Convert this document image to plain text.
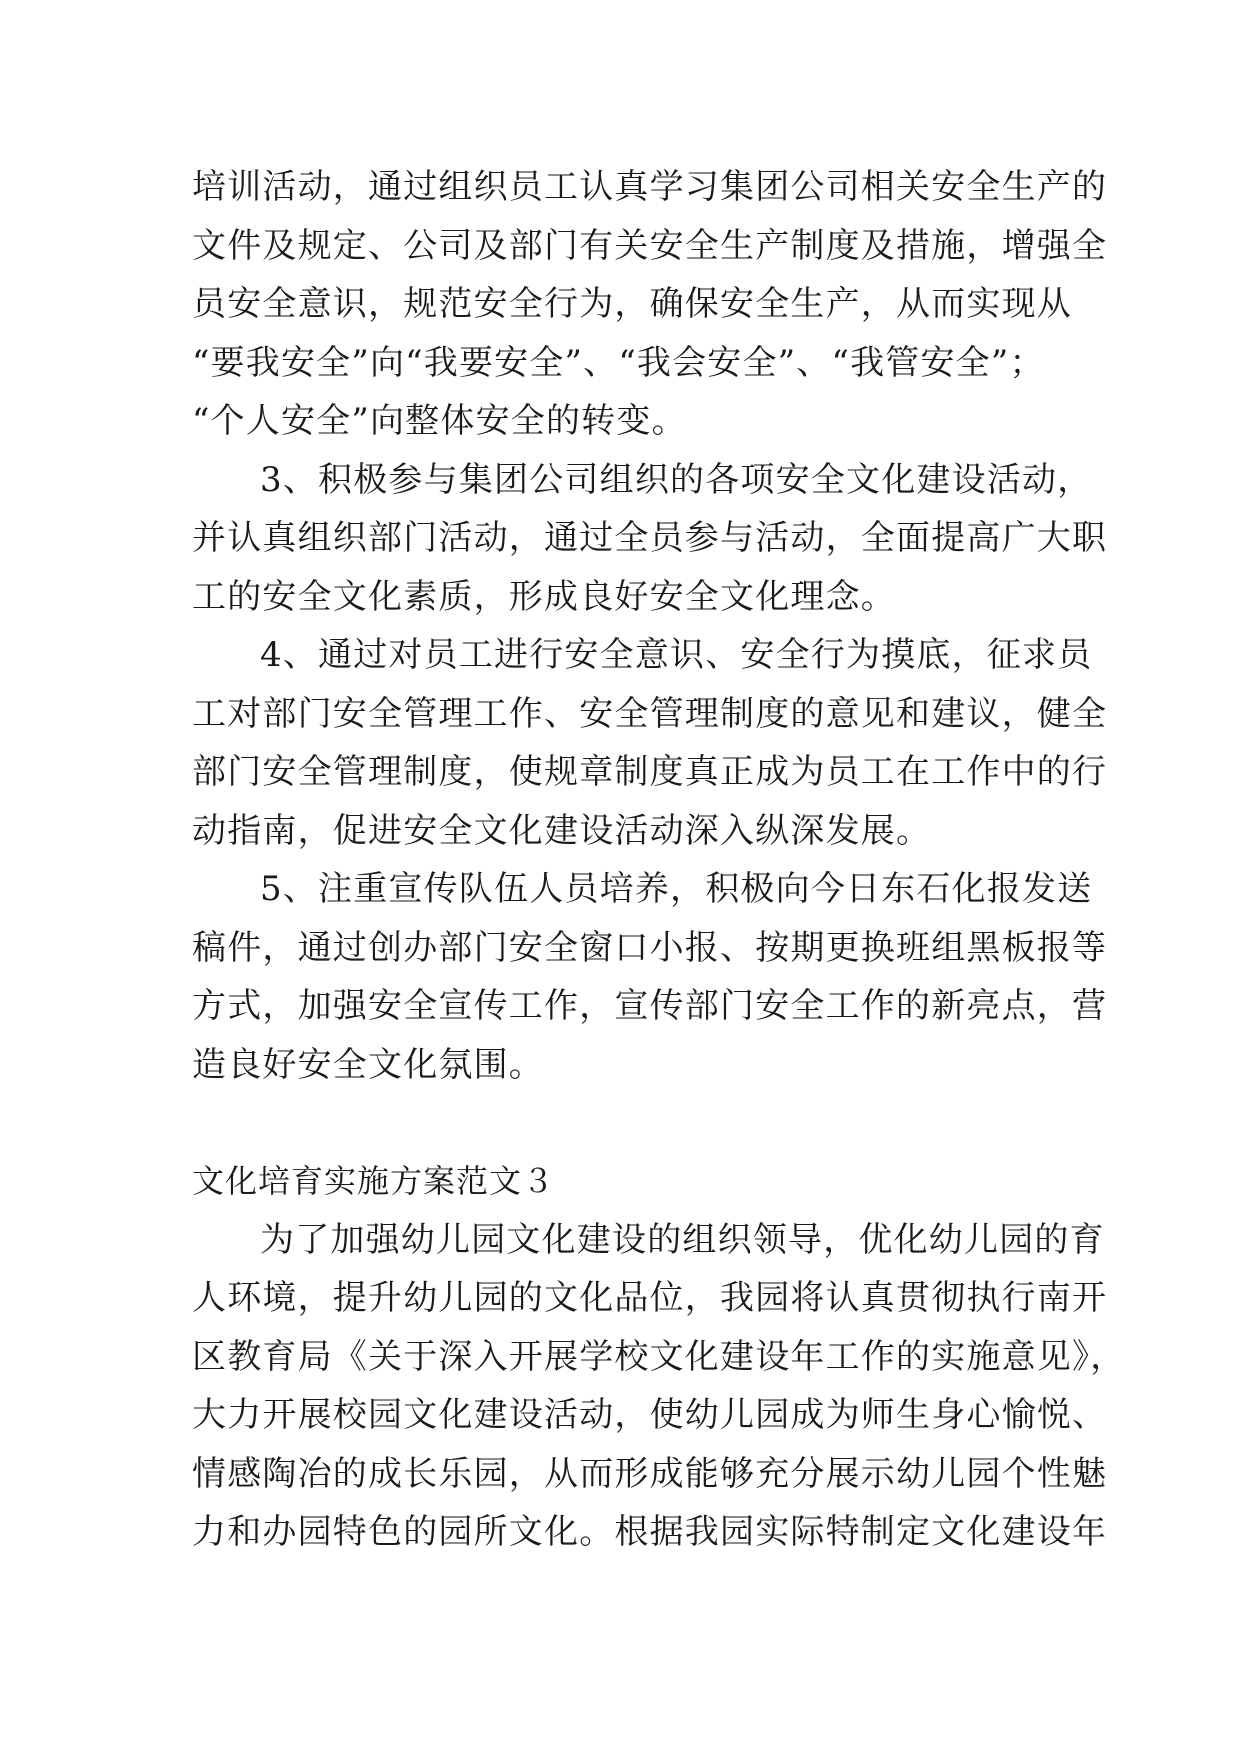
培训活动，通过组织员工认真学习集团公司相关安全生产的

文件及规定、公司及部门有关安全生产制度及措施，增强全

员安全意识，规范安全行为，确保安全生产，从而实现从

“要我安全”向“我要安全”、“我会安全”、“我管安全”；

“个人安全”向整体安全的转变。

3、积极参与集团公司组织的各项安全文化建设活动，

并认真组织部门活动，通过全员参与活动，全面提高广大职

工的安全文化素质，形成良好安全文化理念。

4、通过对员工进行安全意识、安全行为摸底，征求员

工对部门安全管理工作、安全管理制度的意见和建议，健全

部门安全管理制度，使规章制度真正成为员工在工作中的行

动指南，促进安全文化建设活动深入纵深发展。

5、注重宣传队伍人员培养，积极向今日东石化报发送

稿件，通过创办部门安全窗口小报、按期更换班组黑板报等

方式，加强安全宣传工作，宣传部门安全工作的新亮点，营

造良好安全文化氛围。

文化培育实施方案范文３

为了加强幼儿园文化建设的组织领导，优化幼儿园的育

人环境，提升幼儿园的文化品位，我园将认真贯彻执行南开

区教育局《关于深入开展学校文化建设年工作的实施意见》，

大力开展校园文化建设活动，使幼儿园成为师生身心愉悦、

情感陶冶的成长乐园，从而形成能够充分展示幼儿园个性魅

力和办园特色的园所文化。根据我园实际特制定文化建设年
